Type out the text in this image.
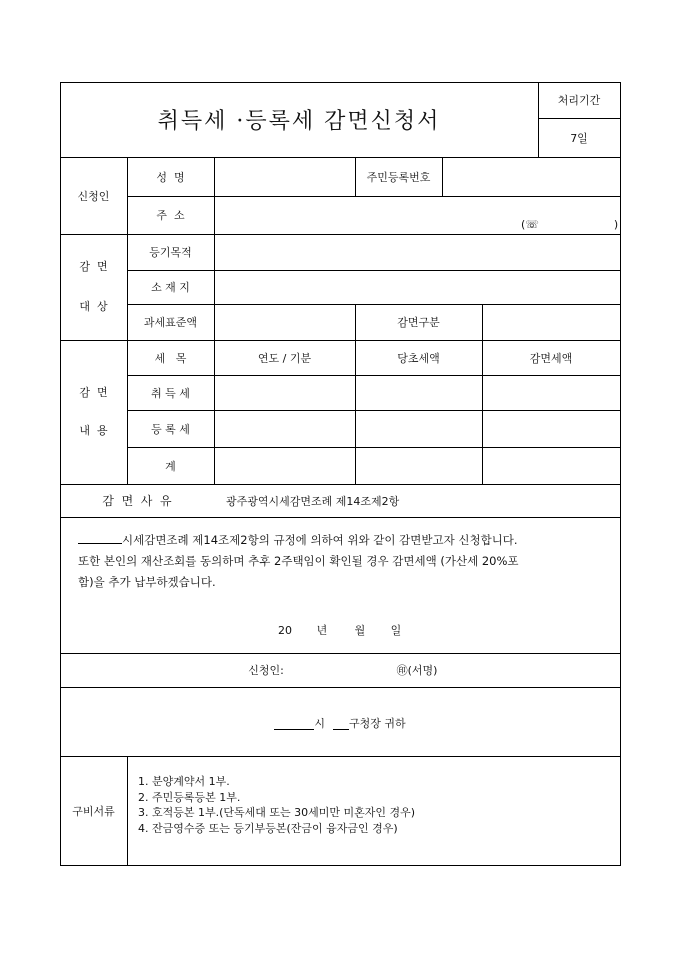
취득세 ·등록세 감면신청서
처리기간
7일
신청인
성  명	주민등록번호
주  소
(☏	)
감  면
대  상
등기목적
소 재 지
과세표준액	감면구분
감  면
내  용
세   목	연도 / 기분	당초세액	감면세액
취 득 세
등 록 세
계
감  면  사  유	광주광역시세감면조례 제14조제2항
시세감면조례 제14조제2항의 규정에 의하여 위와 같이 감면받고자 신청합니다.
또한 본인의 재산조회를 동의하며 추후 2주택임이 확인될 경우 감면세액 (가산세 20%포
함)을 추가 납부하겠습니다.
20	년	월	일
신청인:	㊞(서명)
시 구청장 귀하
구비서류
1. 분양계약서 1부.
2. 주민등록등본 1부.
3. 호적등본 1부.(단독세대 또는 30세미만 미혼자인 경우)
4. 잔금영수증 또는 등기부등본(잔금이 융자금인 경우)
